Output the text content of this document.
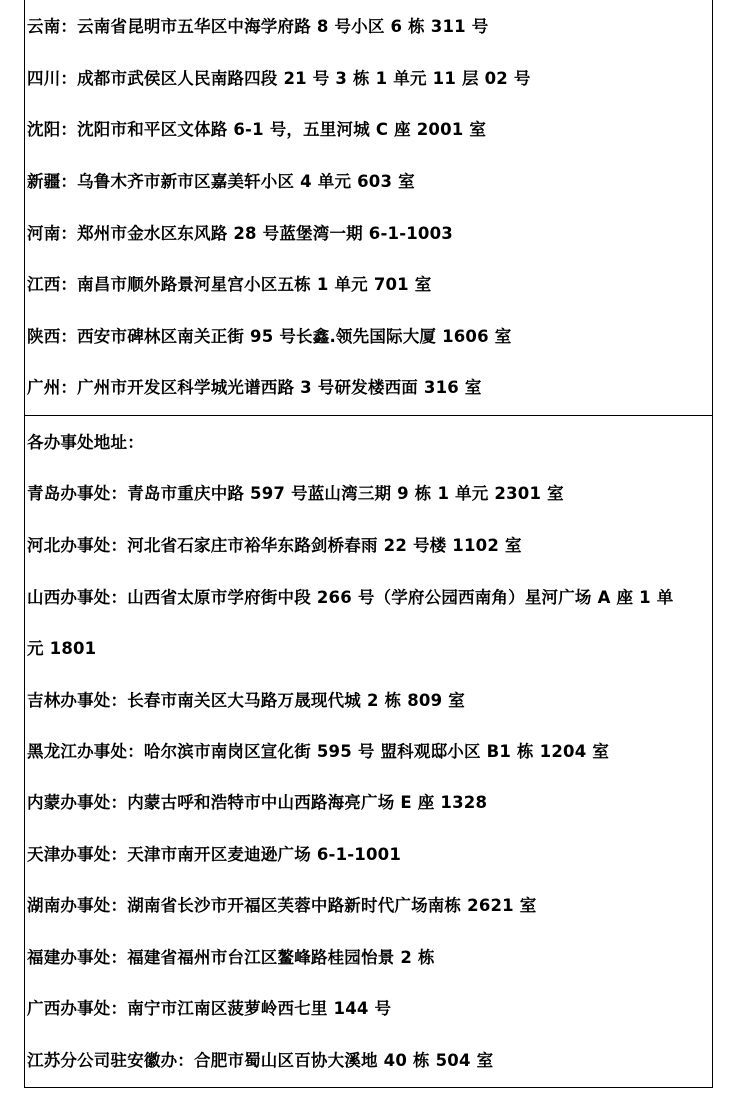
云南：云南省昆明市五华区中海学府路 8 号小区 6 栋 311 号
四川：成都市武侯区人民南路四段 21 号 3 栋 1 单元 11 层 02 号
沈阳：沈阳市和平区文体路 6-1 号，五里河城 C 座 2001 室
新疆：乌鲁木齐市新市区嘉美轩小区 4 单元 603 室
河南：郑州市金水区东风路 28 号蓝堡湾一期 6-1-1003
江西：南昌市顺外路景河星宫小区五栋 1 单元 701 室
陕西：西安市碑林区南关正街 95 号长鑫.领先国际大厦 1606 室
广州：广州市开发区科学城光谱西路 3 号研发楼西面 316 室
各办事处地址：
青岛办事处：青岛市重庆中路 597 号蓝山湾三期 9 栋 1 单元 2301 室
河北办事处：河北省石家庄市裕华东路剑桥春雨 22 号楼 1102 室
山西办事处：山西省太原市学府街中段 266 号（学府公园西南角）星河广场 A 座 1 单
元 1801
吉林办事处：长春市南关区大马路万晟现代城 2 栋 809 室
黑龙江办事处：哈尔滨市南岗区宣化街 595 号 盟科观邸小区 B1 栋 1204 室
内蒙办事处：内蒙古呼和浩特市中山西路海亮广场 E 座 1328
天津办事处：天津市南开区麦迪逊广场 6-1-1001
湖南办事处：湖南省长沙市开福区芙蓉中路新时代广场南栋 2621 室
福建办事处：福建省福州市台江区鳌峰路桂园怡景 2 栋
广西办事处：南宁市江南区菠萝岭西七里 144 号
江苏分公司驻安徽办：合肥市蜀山区百协大溪地 40 栋 504 室
